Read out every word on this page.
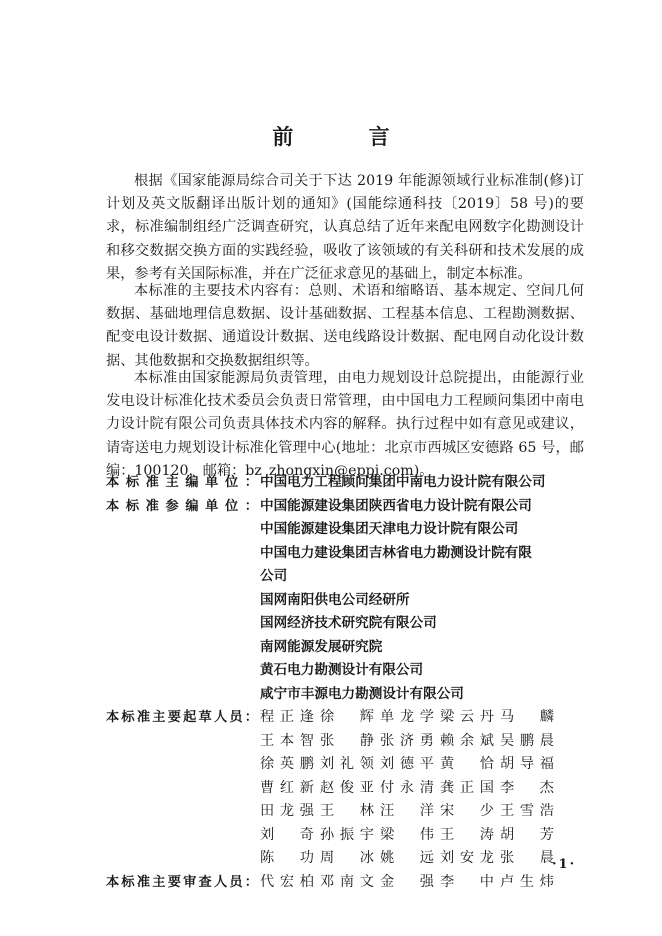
前 言

根据《国家能源局综合司关于下达 2019 年能源领域行业标准制(修)订计划及英文版翻译出版计划的通知》(国能综通科技〔2019〕58 号)的要求，标准编制组经广泛调查研究，认真总结了近年来配电网数字化勘测设计和移交数据交换方面的实践经验，吸收了该领域的有关科研和技术发展的成果，参考有关国际标准，并在广泛征求意见的基础上，制定本标准。

本标准的主要技术内容有：总则、术语和缩略语、基本规定、空间几何数据、基础地理信息数据、设计基础数据、工程基本信息、工程勘测数据、配变电设计数据、通道设计数据、送电线路设计数据、配电网自动化设计数据、其他数据和交换数据组织等。

本标准由国家能源局负责管理，由电力规划设计总院提出，由能源行业发电设计标准化技术委员会负责日常管理，由中国电力工程顾问集团中南电力设计院有限公司负责具体技术内容的解释。执行过程中如有意见或建议，请寄送电力规划设计标准化管理中心(地址：北京市西城区安德路 65 号，邮编：100120，邮箱：bz_zhongxin@eppi.com)。

本标准主编单位： 中国电力工程顾问集团中南电力设计院有限公司
本标准参编单位： 中国能源建设集团陕西省电力设计院有限公司
中国能源建设集团天津电力设计院有限公司
中国电力建设集团吉林省电力勘测设计院有限
公司
国网南阳供电公司经研所
国网经济技术研究院有限公司
南网能源发展研究院
黄石电力勘测设计有限公司
咸宁市丰源电力勘测设计有限公司
本标准主要起草人员： 程正逢 徐　辉 单龙学 梁云丹 马　麟
王本智 张　静 张济勇 赖余斌 吴鹏晨
徐英鹏 刘礼领 刘德平 黄　恰 胡导福
曹红新 赵俊亚 付永清 龚正国 李　杰
田龙强 王　林 汪　洋 宋　少 王雪浩
刘　奇 孙振宇 梁　伟 王　涛 胡　芳
陈　功 周　冰 姚　远 刘安龙 张　晨
本标准主要审查人员： 代宏柏 邓南文 金　强 李　中 卢生炜
·1·
